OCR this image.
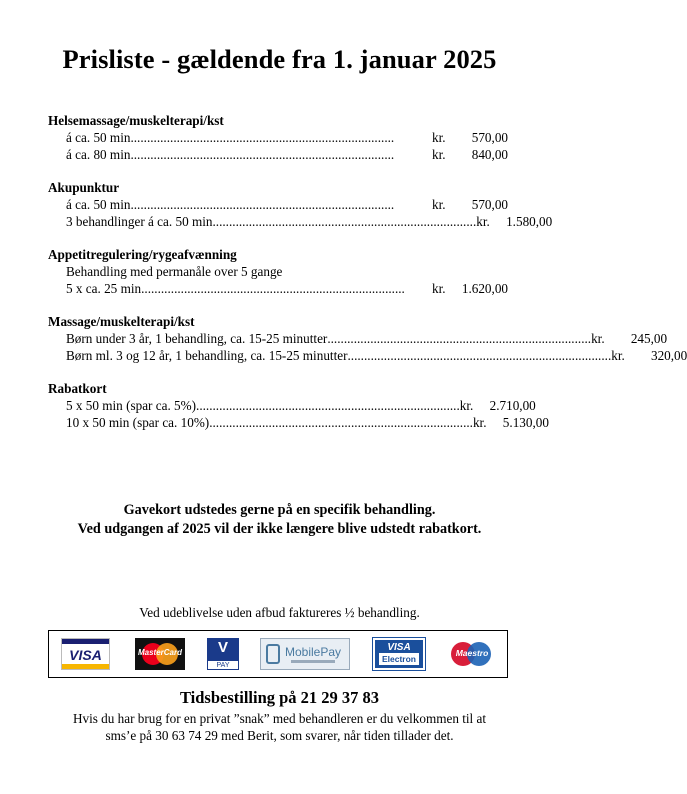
Prisliste - gældende fra 1. januar 2025
Helsemassage/muskelterapi/kst
á ca. 50 min ................................................................................	kr.	570,00
á ca. 80 min ................................................................................	kr.	840,00
Akupunktur
á ca. 50 min ................................................................................	kr.	570,00
3 behandlinger á ca. 50 min ................................................................................ kr.	1.580,00
Appetitregulering/rygeafvænning
Behandling med permanåle over 5 gange
5 x ca. 25 min ................................................................................	kr.	1.620,00
Massage/muskelterapi/kst
Børn under 3 år, 1 behandling, ca. 15-25 minutter ................................................................................ kr.	245,00
Børn ml. 3 og 12 år, 1 behandling, ca. 15-25 minutter ................................................................................ kr.	320,00
Rabatkort
5 x 50 min (spar ca. 5%) ................................................................................ kr.	2.710,00
10 x 50 min (spar ca. 10%) ................................................................................ kr.	5.130,00
Gavekort udstedes gerne på en specifik behandling.
Ved udgangen af 2025 vil der ikke længere blive udstedt rabatkort.
Ved udeblivelse uden afbud faktureres ½ behandling.
VISA	MasterCard	V
PAY
MobilePay	VISA
Electron
Maestro
Tidsbestilling på 21 29 37 83
Hvis du har brug for en privat ”snak” med behandleren er du velkommen til at
sms’e på 30 63 74 29 med Berit, som svarer, når tiden tillader det.
